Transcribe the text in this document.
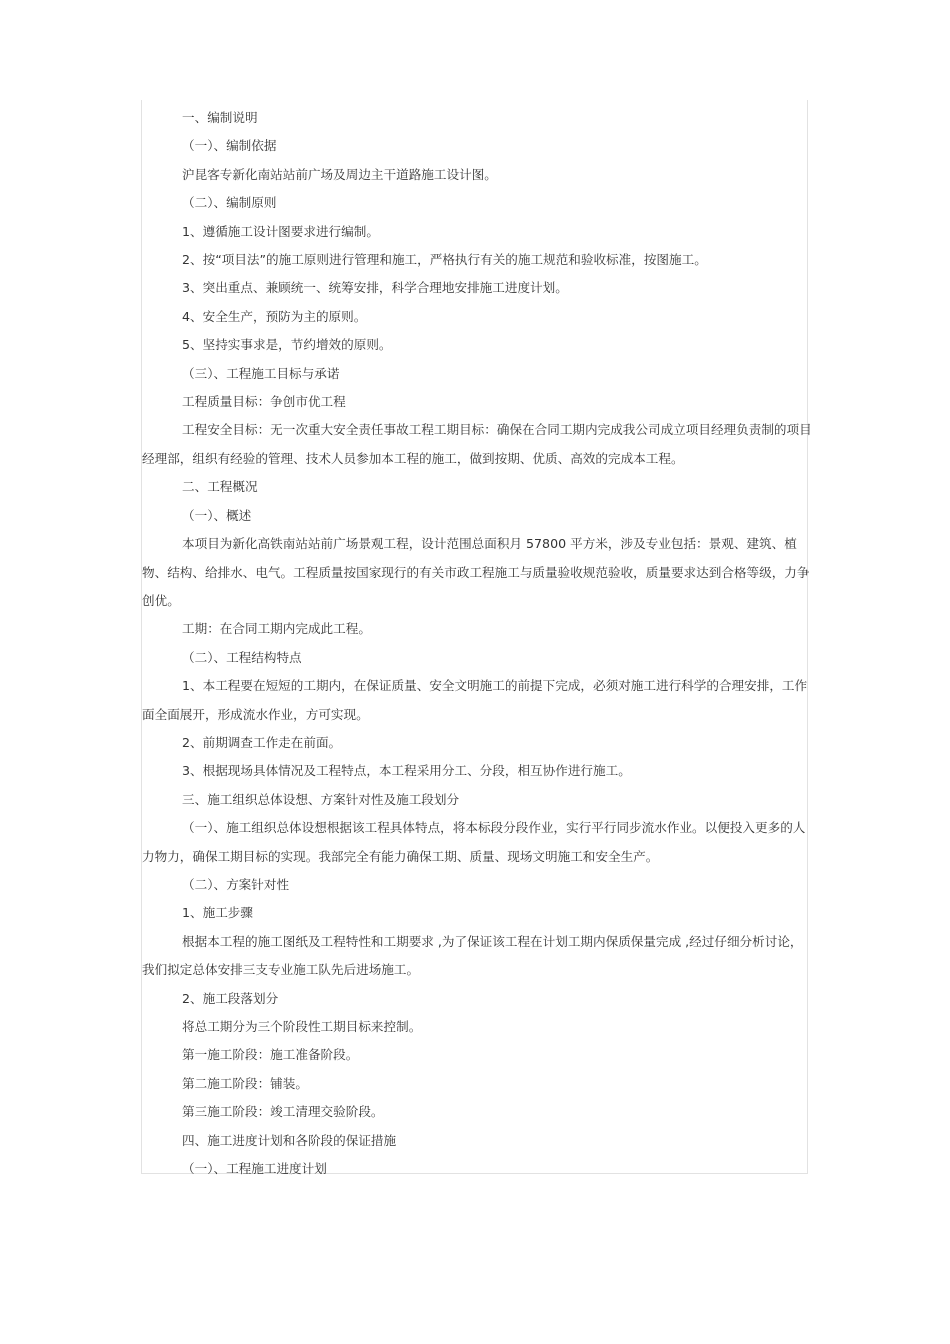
一、编制说明

（一）、编制依据

沪昆客专新化南站站前广场及周边主干道路施工设计图。

（二）、编制原则

1、遵循施工设计图要求进行编制。

2、按“项目法”的施工原则进行管理和施工，严格执行有关的施工规范和验收标准，按图施工。

3、突出重点、兼顾统一、统筹安排，科学合理地安排施工进度计划。

4、安全生产，预防为主的原则。

5、坚持实事求是，节约增效的原则。

（三）、工程施工目标与承诺

工程质量目标：争创市优工程

工程安全目标：无一次重大安全责任事故工程工期目标：确保在合同工期内完成我公司成立项目经理负责制的项目经理部，组织有经验的管理、技术人员参加本工程的施工，做到按期、优质、高效的完成本工程。

二、工程概况

（一）、概述

本项目为新化高铁南站站前广场景观工程，设计范围总面积月 57800 平方米，涉及专业包括：景观、建筑、植物、结构、给排水、电气。工程质量按国家现行的有关市政工程施工与质量验收规范验收，质量要求达到合格等级，力争创优。

工期：在合同工期内完成此工程。

（二）、工程结构特点

1、本工程要在短短的工期内，在保证质量、安全文明施工的前提下完成，必须对施工进行科学的合理安排，工作面全面展开，形成流水作业，方可实现。

2、前期调查工作走在前面。

3、根据现场具体情况及工程特点，本工程采用分工、分段，相互协作进行施工。

三、施工组织总体设想、方案针对性及施工段划分

（一）、施工组织总体设想根据该工程具体特点，将本标段分段作业，实行平行同步流水作业。以便投入更多的人力物力，确保工期目标的实现。我部完全有能力确保工期、质量、现场文明施工和安全生产。

（二）、方案针对性

1、施工步骤

根据本工程的施工图纸及工程特性和工期要求 ,为了保证该工程在计划工期内保质保量完成 ,经过仔细分析讨论，我们拟定总体安排三支专业施工队先后进场施工。

2、施工段落划分

将总工期分为三个阶段性工期目标来控制。

第一施工阶段：施工准备阶段。

第二施工阶段：铺装。

第三施工阶段：竣工清理交验阶段。

四、施工进度计划和各阶段的保证措施

（一）、工程施工进度计划
